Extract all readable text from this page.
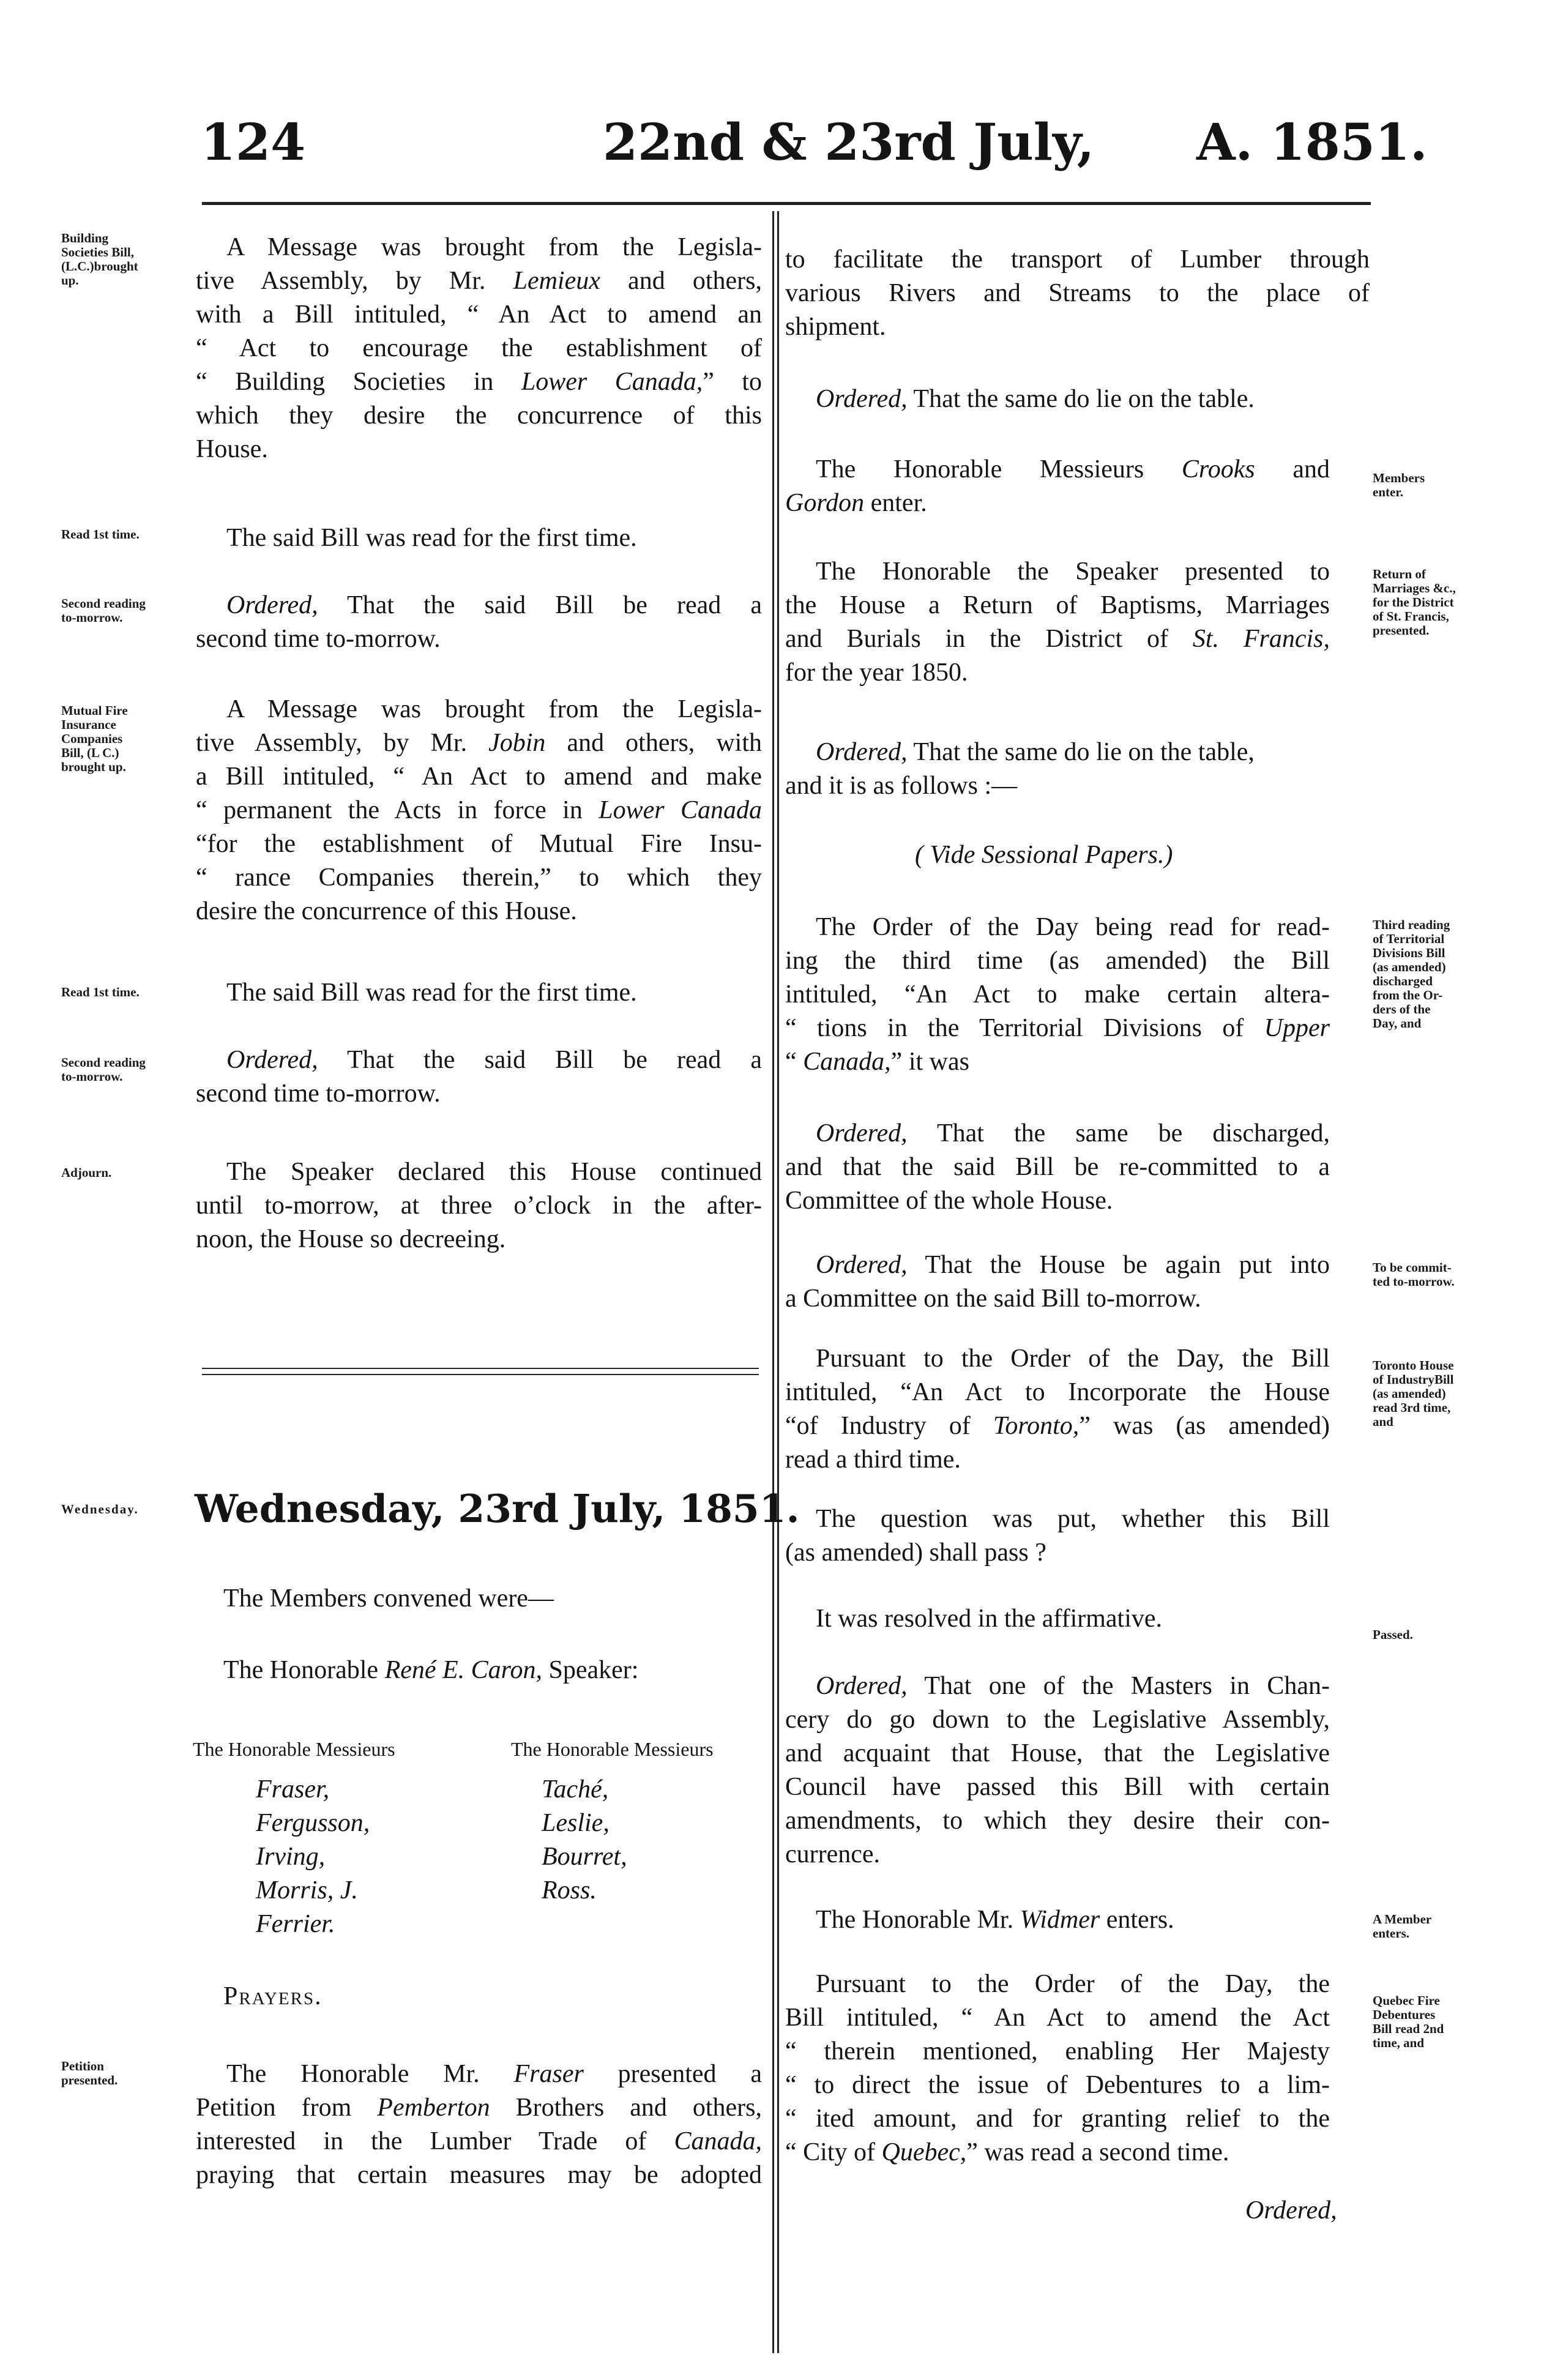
124	22nd & 23rd July, A. 1851.
Building
Societies Bill,
(L.C.)brought
up.
Read 1st time.
Second reading
to-morrow.
Mutual Fire
Insurance
Companies
Bill, (L C.)
brought up.
Read 1st time.
Second reading
to-morrow.
Adjourn.
Wednesday.
Petition
presented.
A Message was brought from the Legisla-
tive Assembly, by Mr. Lemieux and others,
with a Bill intituled, “ An Act to amend an
“ Act to encourage the establishment of
“ Building Societies in Lower Canada,” to
which they desire the concurrence of this
House.
The said Bill was read for the first time.
Ordered, That the said Bill be read a
second time to-morrow.
A Message was brought from the Legisla-
tive Assembly, by Mr. Jobin and others, with
a Bill intituled, “ An Act to amend and make
“ permanent the Acts in force in Lower Canada
“for the establishment of Mutual Fire Insu-
“ rance Companies therein,” to which they
desire the concurrence of this House.
The said Bill was read for the first time.
Ordered, That the said Bill be read a
second time to-morrow.
The Speaker declared this House continued
until to-morrow, at three o’clock in the after-
noon, the House so decreeing.
Wednesday, 23rd July, 1851.
The Members convened were—
The Honorable René E. Caron, Speaker:
The Honorable Messieurs	The Honorable Messieurs
Fraser,
Fergusson,
Irving,
Morris, J.
Ferrier.
Taché,
Leslie,
Bourret,
Ross.
Prayers.
The Honorable Mr. Fraser presented a
Petition from Pemberton Brothers and others,
interested in the Lumber Trade of Canada,
praying that certain measures may be adopted
to facilitate the transport of Lumber through
various Rivers and Streams to the place of
shipment.
Ordered, That the same do lie on the table.
The Honorable Messieurs Crooks and
Gordon enter.
The Honorable the Speaker presented to
the House a Return of Baptisms, Marriages
and Burials in the District of St. Francis,
for the year 1850.
Ordered, That the same do lie on the table,
and it is as follows :—
( Vide Sessional Papers.)
The Order of the Day being read for read-
ing the third time (as amended) the Bill
intituled, “An Act to make certain altera-
“ tions in the Territorial Divisions of Upper
“ Canada,” it was
Ordered, That the same be discharged,
and that the said Bill be re-committed to a
Committee of the whole House.
Ordered, That the House be again put into
a Committee on the said Bill to-morrow.
Pursuant to the Order of the Day, the Bill
intituled, “An Act to Incorporate the House
“of Industry of Toronto,” was (as amended)
read a third time.
The question was put, whether this Bill
(as amended) shall pass ?
It was resolved in the affirmative.
Ordered, That one of the Masters in Chan-
cery do go down to the Legislative Assembly,
and acquaint that House, that the Legislative
Council have passed this Bill with certain
amendments, to which they desire their con-
currence.
The Honorable Mr. Widmer enters.
Pursuant to the Order of the Day, the
Bill intituled, “ An Act to amend the Act
“ therein mentioned, enabling Her Majesty
“ to direct the issue of Debentures to a lim-
“ ited amount, and for granting relief to the
“ City of Quebec,” was read a second time.
Ordered,
Members
enter.
Return of
Marriages &c.,
for the District
of St. Francis,
presented.
Third reading
of Territorial
Divisions Bill
(as amended)
discharged
from the Or-
ders of the
Day, and
To be commit-
ted to-morrow.
Toronto House
of IndustryBill
(as amended)
read 3rd time,
and
Passed.
A Member
enters.
Quebec Fire
Debentures
Bill read 2nd
time, and
